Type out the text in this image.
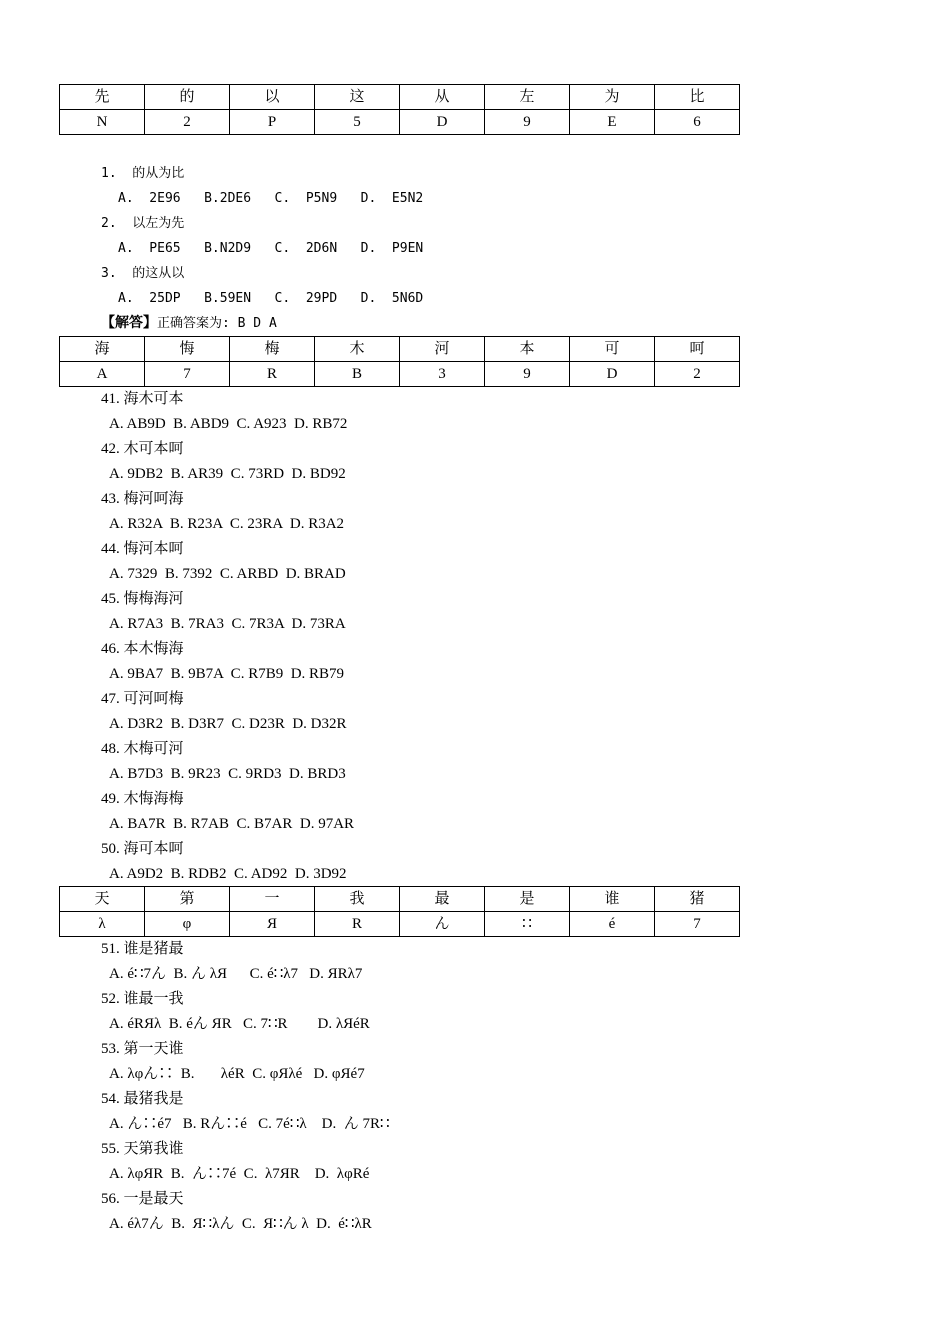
先	的	以	这	从	左	为	比
N	2	P	5	D	9	E	6
1.  的从为比
A.  2E96   B.2DE6   C.  P5N9   D.  E5N2
2.  以左为先
A.  PE65   B.N2D9   C.  2D6N   D.  P9EN
3.  的这从以
A.  25DP   B.59EN   C.  29PD   D.  5N6D
【解答】正确答案为: B D A
海	悔	梅	木	河	本	可	呵
A	7	R	B	3	9	D	2
41. 海木可本
A. AB9D  B. ABD9  C. A923  D. RB72
42. 木可本呵
A. 9DB2  B. AR39  C. 73RD  D. BD92
43. 梅河呵海
A. R32A  B. R23A  C. 23RA  D. R3A2
44. 悔河本呵
A. 7329  B. 7392  C. ARBD  D. BRAD
45. 悔梅海河
A. R7A3  B. 7RA3  C. 7R3A  D. 73RA
46. 本木悔海
A. 9BA7  B. 9B7A  C. R7B9  D. RB79
47. 可河呵梅
A. D3R2  B. D3R7  C. D23R  D. D32R
48. 木梅可河
A. B7D3  B. 9R23  C. 9RD3  D. BRD3
49. 木悔海梅
A. BA7R  B. R7AB  C. B7AR  D. 97AR
50. 海可本呵
A. A9D2  B. RDB2  C. AD92  D. 3D92
天	第	一	我	最	是	谁	猪
λ	φ	Я	R	ん	∷	é	7
51. 谁是猪最
A. é∷7ん  B. ん λЯ      C. é∷λ7   D. ЯRλ7
52. 谁最一我
A. éRЯλ  B. éん ЯR   C. 7∷R        D. λЯéR
53. 第一天谁
A. λφん∷  B.       λéR  C. φЯλé   D. φЯé7
54. 最猪我是
A. ん∷é7   B. Rん∷é   C. 7é∷λ    D.  ん 7R∷
55. 天第我谁
A. λφЯR  B.  ん∷7é  C.  λ7ЯR    D.  λφRé
56. 一是最天
A. éλ7ん  B.  Я∷λん  C.  Я∷ん λ  D.  é∷λR
